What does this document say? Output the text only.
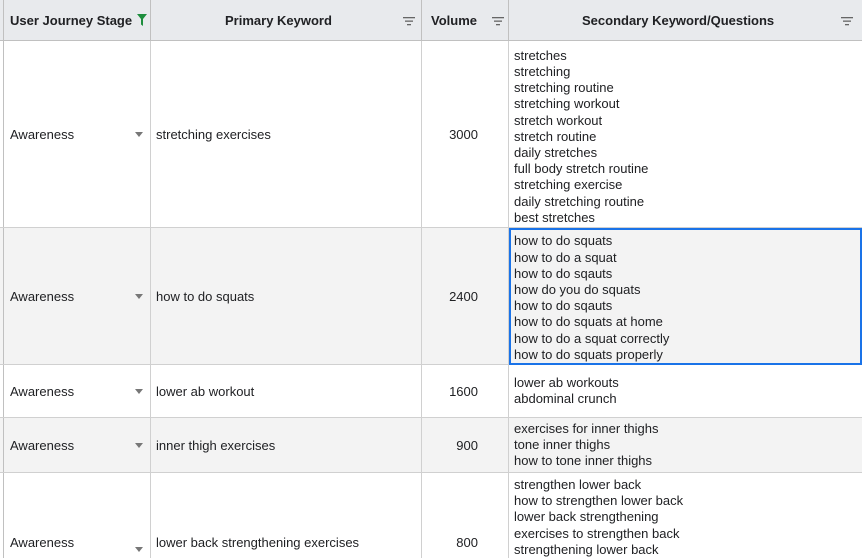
User Journey Stage	Primary Keyword	Volume	Secondary Keyword/Questions
Awareness	stretching exercises	3000
stretches
stretching
stretching routine
stretching workout
stretch workout
stretch routine
daily stretches
full body stretch routine
stretching exercise
daily stretching routine
best stretches
Awareness	how to do squats	2400
how to do squats
how to do a squat
how to do sqauts
how do you do squats
how to do sqauts
how to do squats at home
how to do a squat correctly
how to do squats properly
Awareness	lower ab workout	1600
lower ab workouts
abdominal crunch
Awareness	inner thigh exercises	900
exercises for inner thighs
tone inner thighs
how to tone inner thighs
Awareness	lower back strengthening exercises	800
strengthen lower back
how to strengthen lower back
lower back strengthening
exercises to strengthen back
strengthening lower back
